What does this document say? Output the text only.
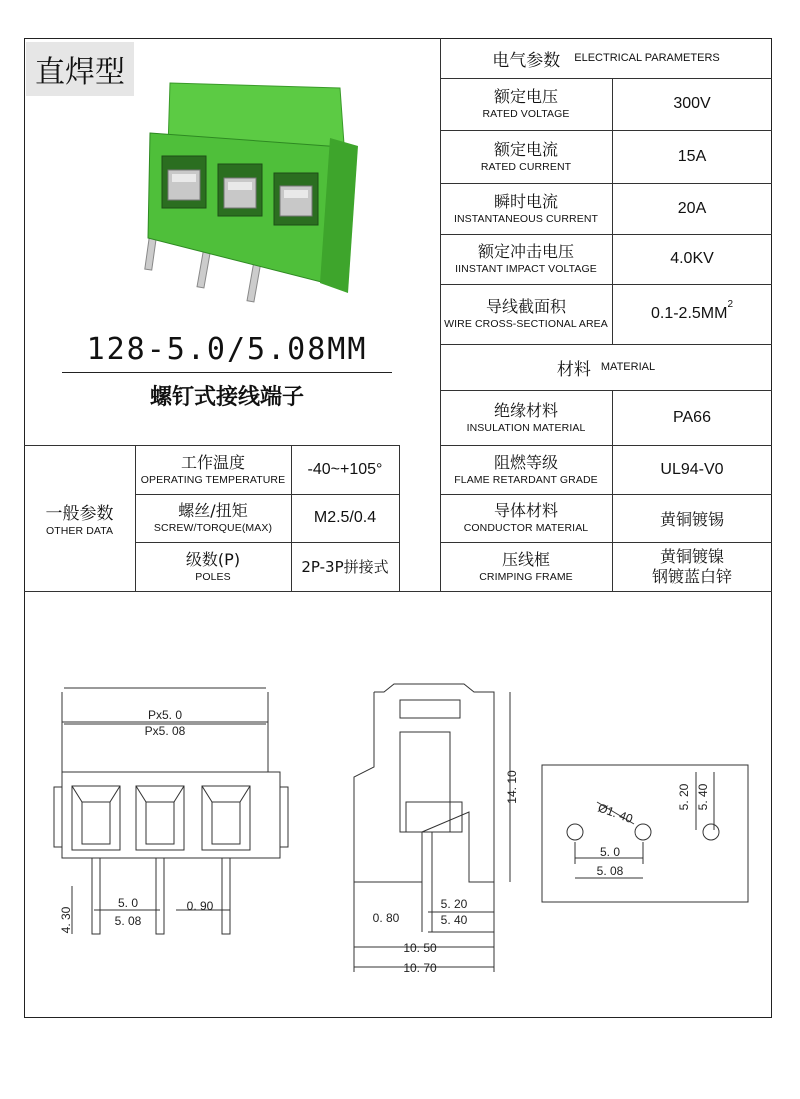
直焊型
128-5.0/5.08MM
螺钉式接线端子
电气参数 ELECTRICAL PARAMETERS
额定电压
RATED VOLTAGE
300V
额定电流
RATED CURRENT
15A
瞬时电流
INSTANTANEOUS CURRENT
20A
额定冲击电压
IINSTANT IMPACT VOLTAGE
4.0KV
导线截面积
WIRE CROSS-SECTIONAL AREA
0.1-2.5MM
$^2$
材料 MATERIAL
绝缘材料
INSULATION MATERIAL
PA66
阻燃等级
FLAME RETARDANT GRADE
UL94-V0
导体材料
CONDUCTOR MATERIAL	黄铜镀锡
压线框
CRIMPING FRAME
黄铜镀镍
钢镀蓝白锌
一般参数
OTHER DATA
工作温度
OPERATING TEMPERATURE
-40~+105°
螺丝/扭矩
SCREW/TORQUE(MAX)
M2.5/0.4
级数(P)
POLES
2P-3P拼接式
Px5. 0
Px5. 08
4. 30
5. 0
5. 08
0. 90
14. 10
0. 80
5. 20
5. 40
10. 50
10. 70
Ø1. 40
5. 20 5. 40
5. 0
5. 08
